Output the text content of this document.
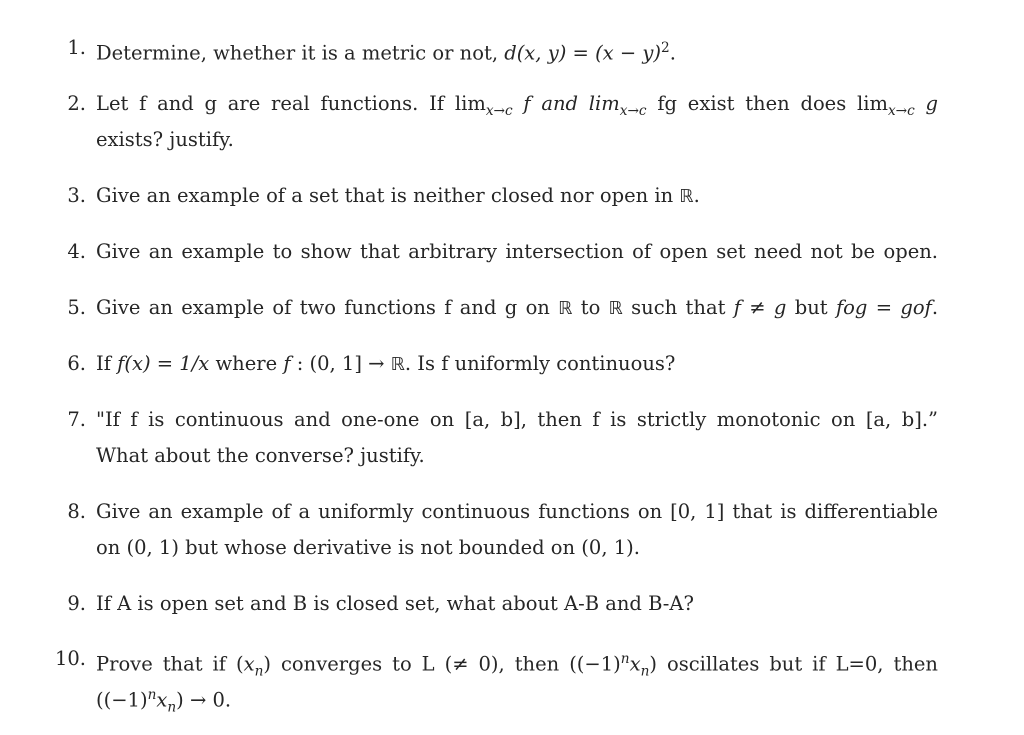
1. Determine, whether it is a metric or not, d(x, $y) = (x - y)^2$.
2. Let f and g are real functions. If $\lim_{x\to c} f$ and $\lim_{x\to c}$ fg exist then does $\lim_{x\to c} g$
exists? justify.
3. Give an example of a set that is neither closed nor open in ℝ.
4. Give an example to show that arbitrary intersection of open set need not be open.
5. Give an example of two functions f and g on ℝ to ℝ such that f ≠ g but fog = gof.
6. If f(x) = 1/x where f : (0, 1] → ℝ. Is f uniformly continuous?
7. "If f is continuous and one-one on [a, b], then f is strictly monotonic on [a, b].”
What about the converse? justify.
8. Give an example of a uniformly continuous functions on [0, 1] that is differentiable
on (0, 1) but whose derivative is not bounded on (0, 1).
9. If A is open set and B is closed set, what about A-B and B-A?
10. Prove that if $(x_n)$ converges to L (≠ 0), then $((-1)^nx_n)$ oscillates but if L=0, then
$((-1)^nx_n) \to 0$.
